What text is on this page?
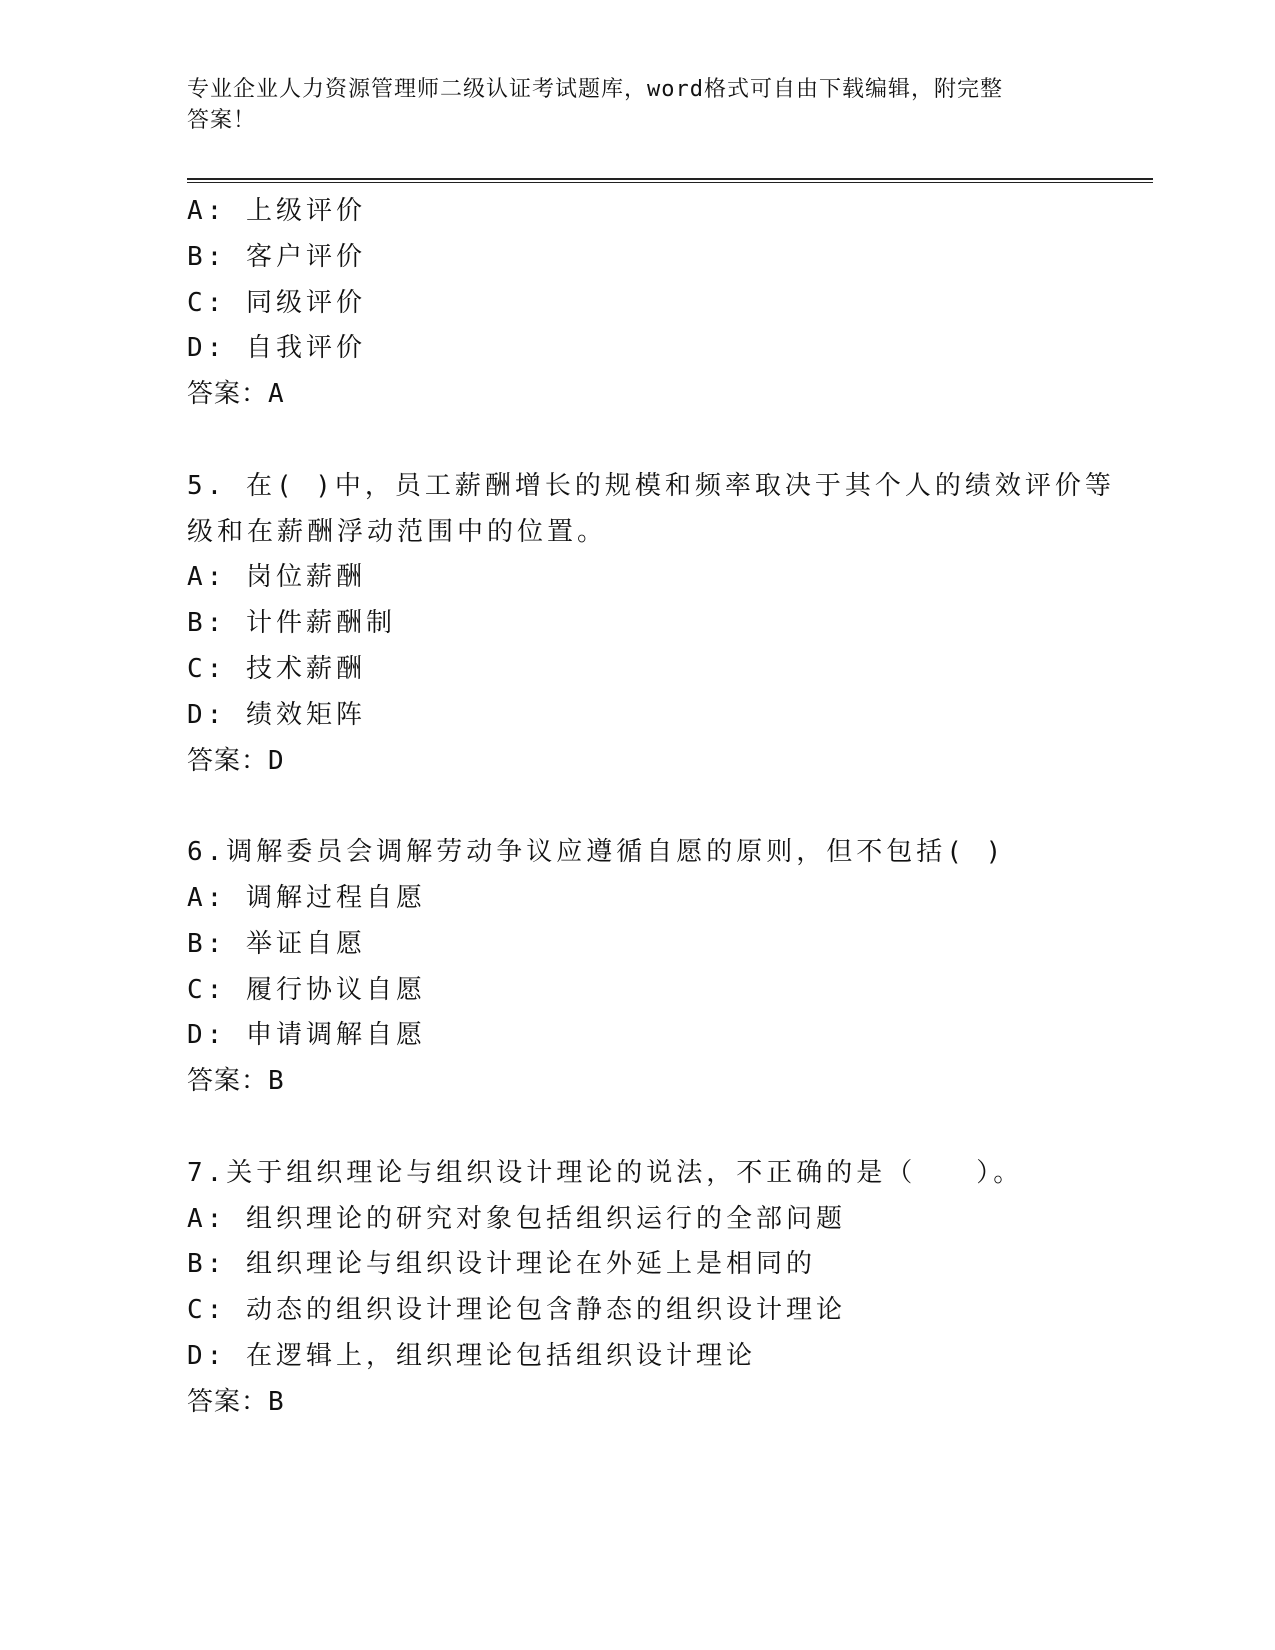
专业企业人力资源管理师二级认证考试题库，word格式可自由下载编辑，附完整
答案！
A: 上级评价
B: 客户评价
C: 同级评价
D: 自我评价
答案：A
5. 在( )中，员工薪酬增长的规模和频率取决于其个人的绩效评价等
级和在薪酬浮动范围中的位置。
A: 岗位薪酬
B: 计件薪酬制
C: 技术薪酬
D: 绩效矩阵
答案：D
6.调解委员会调解劳动争议应遵循自愿的原则，但不包括( )
A: 调解过程自愿
B: 举证自愿
C: 履行协议自愿
D: 申请调解自愿
答案：B
7.关于组织理论与组织设计理论的说法，不正确的是（　　）。
A: 组织理论的研究对象包括组织运行的全部问题
B: 组织理论与组织设计理论在外延上是相同的
C: 动态的组织设计理论包含静态的组织设计理论
D: 在逻辑上，组织理论包括组织设计理论
答案：B
